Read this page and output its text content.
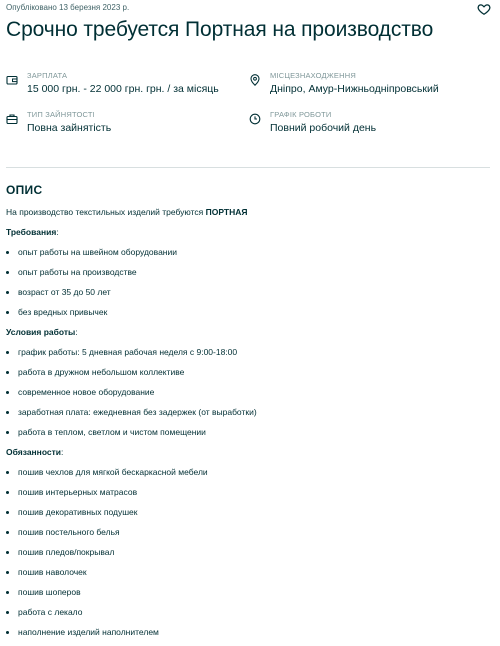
Опубліковано 13 березня 2023 р.
Срочно требуется Портная на производство
ЗАРПЛАТА
15 000 грн. - 22 000 грн. грн. / за місяць
МІСЦЕЗНАХОДЖЕННЯ
Дніпро, Амур-Нижньодніпровський
ТИП ЗАЙНЯТОСТІ
Повна зайнятість
ГРАФІК РОБОТИ
Повний робочий день
ОПИС
На производство текстильных изделий требуются ПОРТНАЯ
Требования:
опыт работы на швейном оборудовании
опыт работы на производстве
возраст от 35 до 50 лет
без вредных привычек
Условия работы:
график работы: 5 дневная рабочая неделя с 9:00-18:00
работа в дружном небольшом коллективе
современное новое оборудование
заработная плата: ежедневная без задержек (от выработки)
работа в теплом, светлом и чистом помещении
Обязанности:
пошив чехлов для мягкой бескаркасной мебели
пошив интерьерных матрасов
пошив декоративных подушек
пошив постельного белья
пошив пледов/покрывал
пошив наволочек
пошив шоперов
работа с лекало
наполнение изделий наполнителем
